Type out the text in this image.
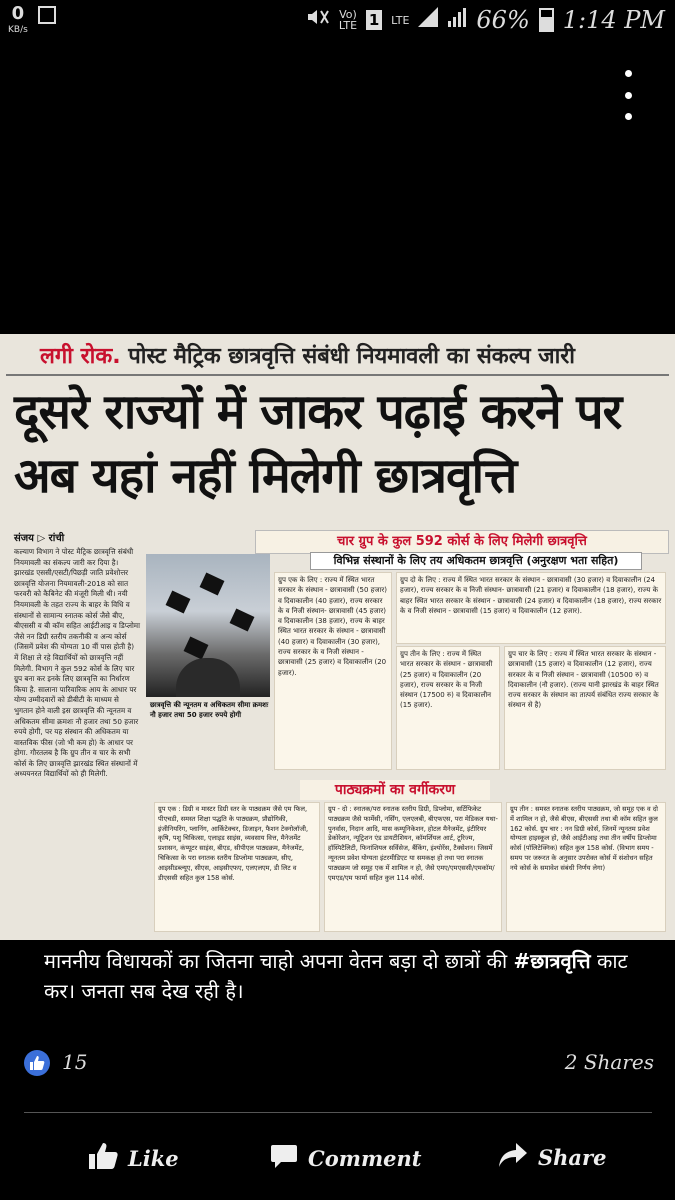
0
KB/s
Vo)
LTE 1 LTE	66% 1:14 PM
लगी रोक. पोस्ट मैट्रिक छात्रवृत्ति संबंधी नियमावली का संकल्प जारी
दूसरे राज्यों में जाकर पढ़ाई करने पर अब यहां नहीं मिलेगी छात्रवृत्ति
संजय ▷ रांची
कल्याण विभाग ने पोस्ट मैट्रिक छात्रवृत्ति संबंधी नियमावली का संकल्प जारी कर दिया है। झारखंड एससी/एसटी/पिछड़ी जाति प्रवेशोत्तर छात्रवृत्ति योजना नियमावली-2018 को सात फरवरी को कैबिनेट की मंजूरी मिली थी। नयी नियमावली के तहत राज्य के बाहर के विधि व संस्थानों से सामान्य स्नातक कोर्स जैसे बीए, बीएससी व बी कॉम सहित आईटीआइ व डिप्लोमा जैसे नन डिग्री स्तरीय तकनीकी व अन्य कोर्स (जिसमें प्रवेश की योग्यता 10 वीं पास होती है) में शिक्षा ले रहे विद्यार्थियों को छात्रवृत्ति नहीं मिलेगी. विभाग ने कुल 592 कोर्स के लिए चार ग्रुप बना कर इनके लिए छात्रवृत्ति का निर्धारण किया है. सालाना पारिवारिक आय के आधार पर योग्य उम्मीदवारों को डीबीटी के माध्यम से भुगतान होने वाली इस छात्रवृत्ति की न्यूनतम व अधिकतम सीमा क्रमशः नौ हजार तथा 50 हजार रुपये होगी, पर यह संस्थान की अधिकतम या वास्तविक फीस (जो भी कम हो) के आधार पर होगा. गौरतलब है कि ग्रुप तीन व चार के सभी कोर्स के लिए छात्रवृत्ति झारखंड स्थित संस्थानों में अध्ययनरत विद्यार्थियों को ही मिलेगी.
चार ग्रुप के कुल 592 कोर्स के लिए मिलेगी छात्रवृत्ति
विभिन्न संस्थानों के लिए तय अधिकतम छात्रवृत्ति (अनुरक्षण भता सहित)
छात्रवृत्ति की न्यूनतम व अधिकतम सीमा क्रमशः नौ हजार तथा 50 हजार रुपये होगी
ग्रुप एक के लिए : राज्य में स्थित भारत सरकार के संस्थान - छात्रावासी (50 हजार) व दिवाकालीन (40 हजार), राज्य सरकार के व निजी संस्थान- छात्रावासी (45 हजार) व दिवाकालीन (38 हजार), राज्य के बाहर स्थित भारत सरकार के संस्थान - छात्रावासी (40 हजार) व दिवाकालीन (30 हजार), राज्य सरकार के व निजी संस्थान - छात्रावासी (25 हजार) व दिवाकालीन (20 हजार).
ग्रुप दो के लिए : राज्य में स्थित भारत सरकार के संस्थान - छात्रावासी (30 हजार) व दिवाकालीन (24 हजार), राज्य सरकार के व निजी संस्थान- छात्रावासी (21 हजार) व दिवाकालीन (18 हजार), राज्य के बाहर स्थित भारत सरकार के संस्थान - छात्रावासी (24 हजार) व दिवाकालीन (18 हजार), राज्य सरकार के व निजी संस्थान - छात्रावासी (15 हजार) व दिवाकालीन (12 हजार).
ग्रुप तीन के लिए : राज्य में स्थित भारत सरकार के संस्थान - छात्रावासी (25 हजार) व दिवाकालीन (20 हजार), राज्य सरकार के व निजी संस्थान (17500 रु) व दिवाकालीन (15 हजार).
ग्रुप चार के लिए : राज्य में स्थित भारत सरकार के संस्थान - छात्रावासी (15 हजार) व दिवाकालीन (12 हजार), राज्य सरकार के व निजी संस्थान - छात्रावासी (10500 रु) व दिवाकालीन (नौ हजार). (राज्य यानी झारखंड के बाहर स्थित राज्य सरकार के संस्थान का तात्पर्य संबंधित राज्य सरकार के संस्थान से है)
पाठ्यक्रमों का वर्गीकरण
ग्रुप एक : डिग्री व मास्टर डिग्री स्तर के पाठ्यक्रम जैसे एम फिल, पीएचडी, समस्त शिक्षा पद्धति के पाठ्यक्रम, प्रौद्योगिकी, इंजीनियरिंग, प्लानिंग, आर्किटेक्चर, डिजाइन, फैशन टेक्नोलॉजी, कृषि, पशु चिकित्सा, एलाइड साइंस, व्यवसाय वित्त, मैनेजमेंट प्रशासन, कंप्यूटर साइंस, बीएड, सीपीएल पाठ्यक्रम, मैनेजमेंट, चिकित्सा के परा स्नातक स्तरीय डिप्लोमा पाठ्यक्रम, सीए, आइसीडब्ल्यूए, सीएस, आइसीएफए, एलएलएम, डी लिट व डीएससी सहित कुल 158 कोर्स.
ग्रुप - दो : स्नातक/परा स्नातक स्तरीय डिग्री, डिप्लोमा, सर्टिफिकेट पाठ्यक्रम जैसे फार्मेसी, नर्सिंग, एलएलबी, बीएफएस, परा मेडिकल यथा-पुनर्वास, निदान आदि, मास कम्यूनिकेशन, होटल मैनेजमेंट, इंटीरियर डेकोरेशन, न्यूट्रिशन एंड डायटीशियन, कॉमर्शियल आर्ट, टूरिज्म, हॉस्पिटैलिटी, फिनांशियल सर्विसेज, बैंकिंग, इंश्योरेंस, टैक्सेशन। जिसमें न्यूनतम प्रवेश योग्यता इंटरमीडिएट या समकक्ष हो तथा परा स्नातक पाठ्यक्रम जो समूह एक में शामिल न हो, जैसे एमए/एमएससी/एमकॉम/एमएड/एम फार्मा सहित कुल 114 कोर्स.
ग्रुप तीन : समस्त स्नातक स्तरीय पाठ्यक्रम, जो समूह एक व दो में शामिल न हो, जैसे बीएस, बीएससी तथा बी कॉम सहित कुल 162 कोर्स. ग्रुप चार : नन डिग्री कोर्स, जिनमें न्यूनतम प्रवेश योग्यता हाइस्कूल हो, जैसे आईटीआइ तथा तीन वर्षीय डिप्लोमा कोर्स (पॉलिटेक्निक) सहित कुल 158 कोर्स. (विभाग समय - समय पर जरूरत के अनुसार उपरोक्त कोर्स में संशोधन सहित नये कोर्स के समावेश संबंधी निर्णय लेगा)
माननीय विधायकों का जितना चाहो अपना वेतन बड़ा दो छात्रों की #छात्रवृत्ति काट कर। जनता सब देख रही है।
15	2 Shares
Like	Comment	Share
